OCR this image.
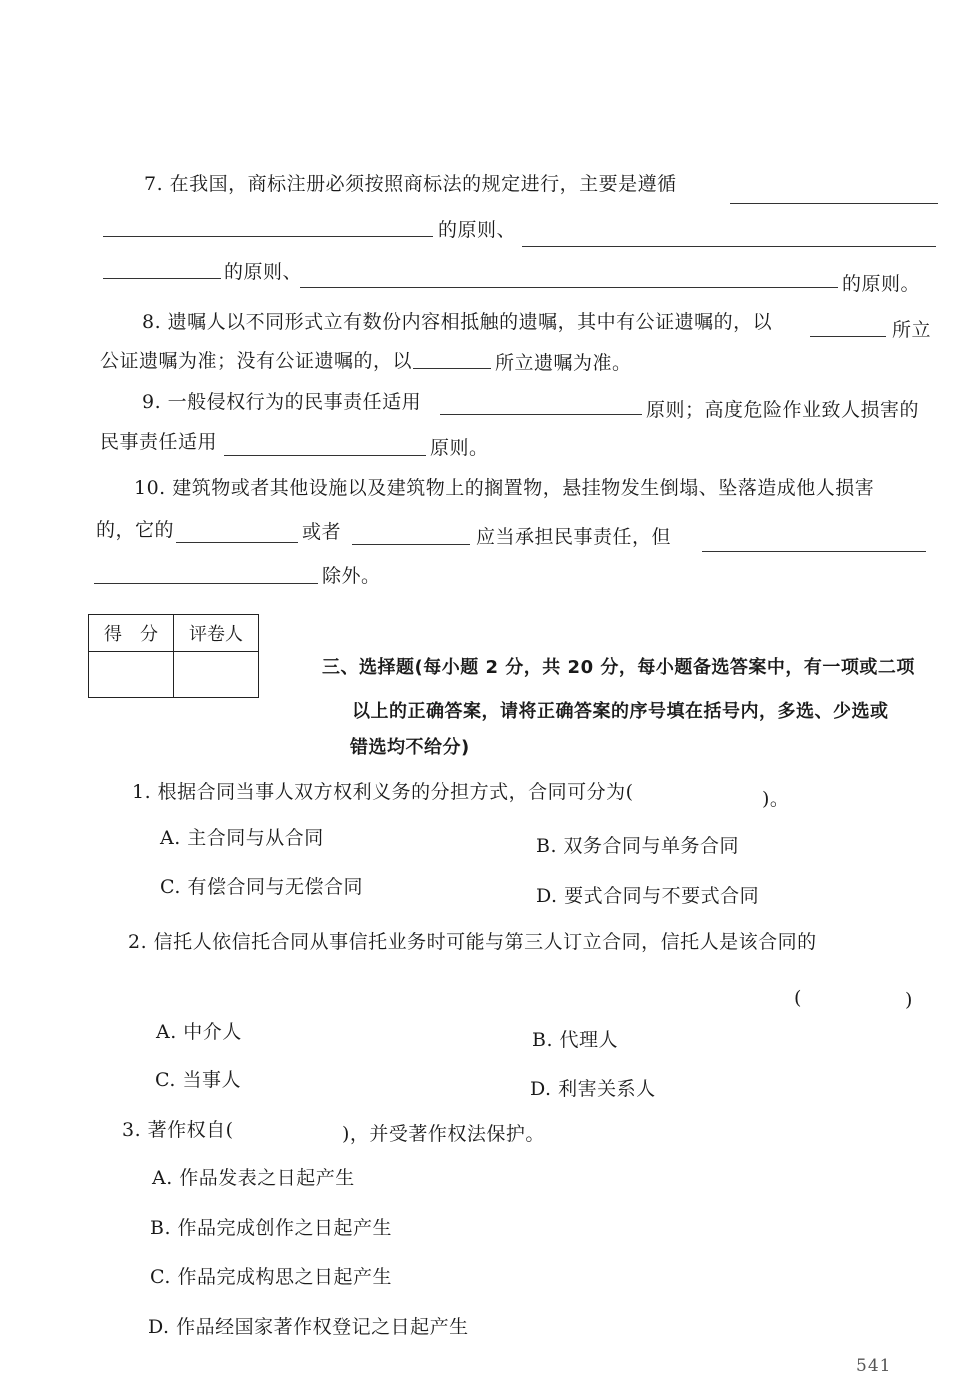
7. 在我国，商标注册必须按照商标法的规定进行，主要是遵循
的原则、
的原则、
的原则。
8. 遗嘱人以不同形式立有数份内容相抵触的遗嘱，其中有公证遗嘱的，以	所立
公证遗嘱为准；没有公证遗嘱的，以	所立遗嘱为准。
9. 一般侵权行为的民事责任适用	原则；高度危险作业致人损害的
民事责任适用	原则。
10. 建筑物或者其他设施以及建筑物上的搁置物，悬挂物发生倒塌、坠落造成他人损害
的，它的	或者	应当承担民事责任，但
除外。
得　分	评卷人

三、选择题(每小题 2 分，共 20 分，每小题备选答案中，有一项或二项
以上的正确答案，请将正确答案的序号填在括号内，多选、少选或
错选均不给分)
1. 根据合同当事人双方权利义务的分担方式，合同可分为(	)。
A. 主合同与从合同	B. 双务合同与单务合同
C. 有偿合同与无偿合同	D. 要式合同与不要式合同
2. 信托人依信托合同从事信托业务时可能与第三人订立合同，信托人是该合同的
(	)
A. 中介人	B. 代理人
C. 当事人	D. 利害关系人
3. 著作权自(	)，并受著作权法保护。
A. 作品发表之日起产生
B. 作品完成创作之日起产生
C. 作品完成构思之日起产生
D. 作品经国家著作权登记之日起产生
541
